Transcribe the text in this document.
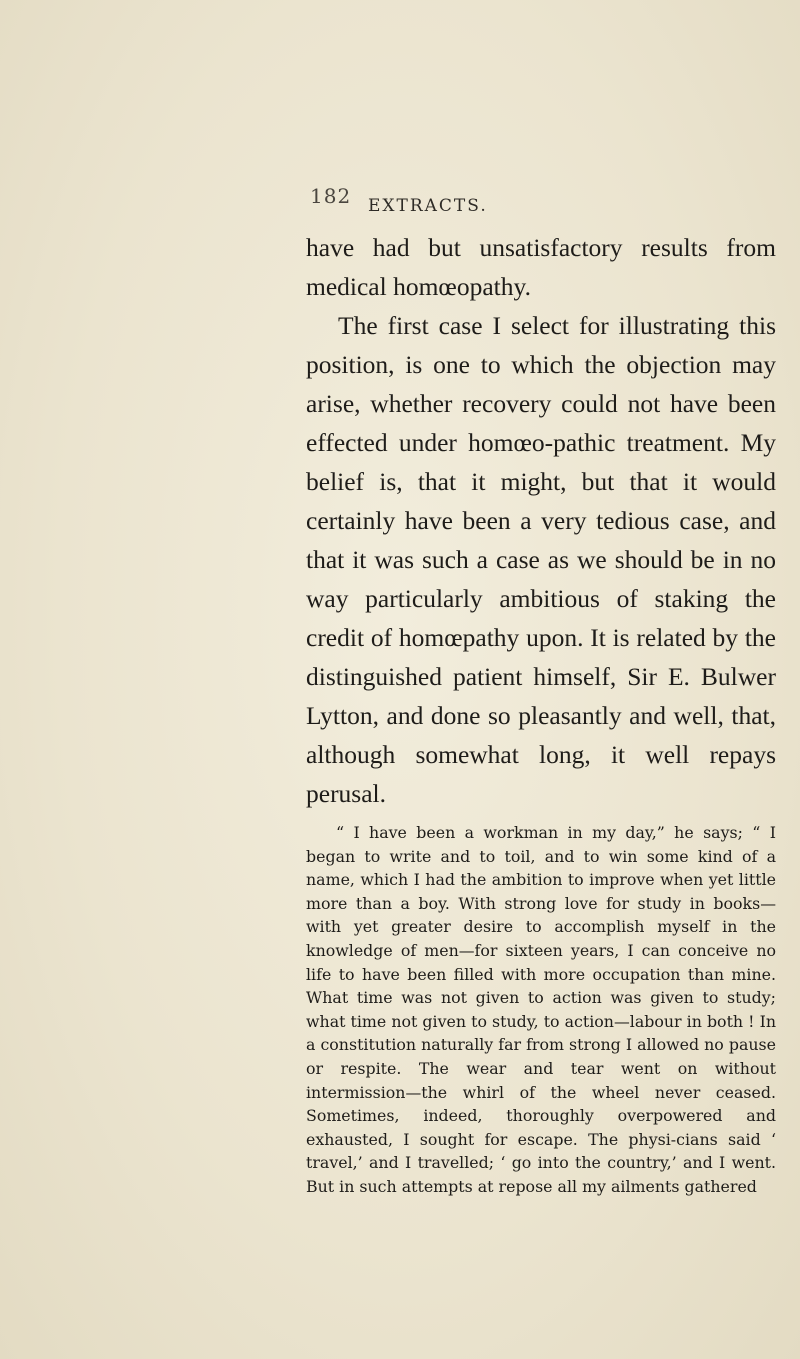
182 EXTRACTS.

have had but unsatisfactory results from medical homœopathy.

The first case I select for illustrating this position, is one to which the objection may arise, whether recovery could not have been effected under homœo-pathic treatment. My belief is, that it might, but that it would certainly have been a very tedious case, and that it was such a case as we should be in no way particularly ambitious of staking the credit of homœpathy upon. It is related by the distinguished patient himself, Sir E. Bulwer Lytton, and done so pleasantly and well, that, although somewhat long, it well repays perusal.

“ I have been a workman in my day,” he says; “ I began to write and to toil, and to win some kind of a name, which I had the ambition to improve when yet little more than a boy. With strong love for study in books—with yet greater desire to accomplish myself in the knowledge of men—for sixteen years, I can conceive no life to have been filled with more occupation than mine. What time was not given to action was given to study; what time not given to study, to action—labour in both ! In a constitution naturally far from strong I allowed no pause or respite. The wear and tear went on without intermission—the whirl of the wheel never ceased. Sometimes, indeed, thoroughly overpowered and exhausted, I sought for escape. The physi-cians said ‘ travel,’ and I travelled; ‘ go into the country,’ and I went. But in such attempts at repose all my ailments gathered
